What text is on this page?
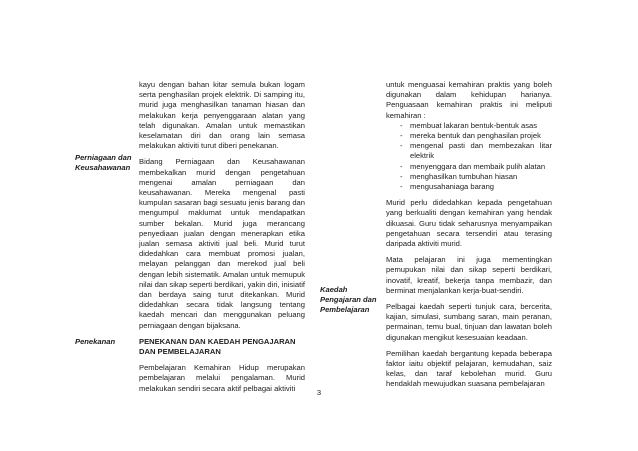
kayu dengan bahan kitar semula bukan logam serta penghasilan projek elektrik. Di samping itu, murid juga menghasilkan tanaman hiasan dan melakukan kerja penyenggaraan alatan yang telah digunakan. Amalan untuk memastikan keselamatan diri dan orang lain semasa melakukan aktiviti turut diberi penekanan.

Bidang Perniagaan dan Keusahawanan membekalkan murid dengan pengetahuan mengenai amalan perniagaan dan keusahawanan. Mereka mengenal pasti kumpulan sasaran bagi sesuatu jenis barang dan mengumpul maklumat untuk mendapatkan sumber bekalan. Murid juga merancang penyediaan jualan dengan menerapkan etika jualan semasa aktiviti jual beli. Murid turut didedahkan cara membuat promosi jualan, melayan pelanggan dan merekod jual beli dengan lebih sistematik. Amalan untuk memupuk nilai dan sikap seperti berdikari, yakin diri, inisiatif dan berdaya saing turut ditekankan. Murid didedahkan secara tidak langsung tentang kaedah mencari dan menggunakan peluang perniagaan dengan bijaksana.

PENEKANAN DAN KAEDAH PENGAJARAN DAN PEMBELAJARAN

Pembelajaran Kemahiran Hidup merupakan pembelajaran melalui pengalaman. Murid melakukan sendiri secara aktif pelbagai aktiviti

Perniagaan dan Keusahawanan
Penekanan

untuk menguasai kemahiran praktis yang boleh digunakan dalam kehidupan harianya. Penguasaan kemahiran praktis ini meliputi kemahiran :

- membuat lakaran bentuk-bentuk asas
- mereka bentuk dan penghasilan projek
- mengenal pasti dan membezakan litar elektrik
- menyenggara dan membaik pulih alatan
- menghasilkan tumbuhan hiasan
- mengusahaniaga barang

Murid perlu didedahkan kepada pengetahuan yang berkualiti dengan kemahiran yang hendak dikuasai. Guru tidak seharusnya menyampaikan pengetahuan secara tersendiri atau terasing daripada aktiviti murid.

Mata pelajaran ini juga mementingkan pemupukan nilai dan sikap seperti berdikari, inovatif, kreatif, bekerja tanpa membazir, dan berminat menjalankan kerja-buat-sendiri.

Pelbagai kaedah seperti tunjuk cara, bercerita, kajian, simulasi, sumbang saran, main peranan, permainan, temu bual, tinjuan dan lawatan boleh digunakan mengikut kesesuaian keadaan.

Pemilihan kaedah bergantung kepada beberapa faktor iaitu objektif pelajaran, kemudahan, saiz kelas, dan taraf kebolehan murid. Guru hendaklah mewujudkan suasana pembelajaran

Kaedah Pengajaran dan Pembelajaran
3
